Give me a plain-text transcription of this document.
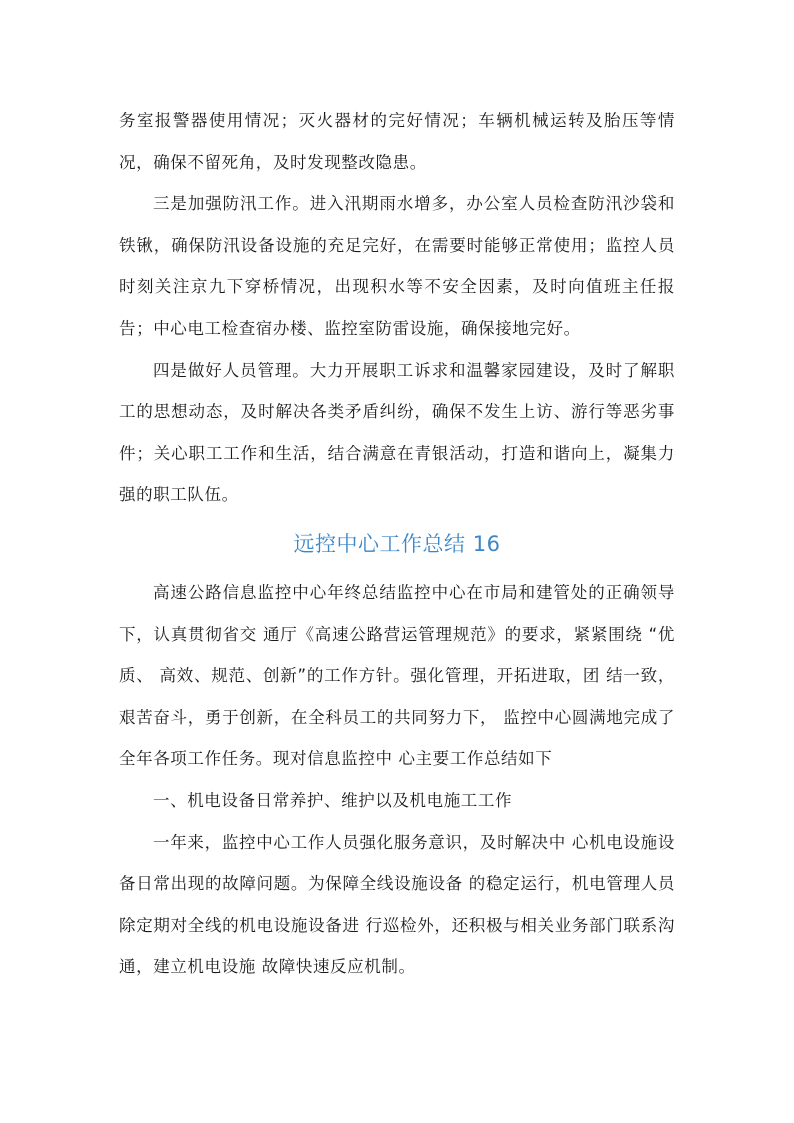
务室报警器使用情况；灭火器材的完好情况；车辆机械运转及胎压等情况，确保不留死角，及时发现整改隐患。

三是加强防汛工作。进入汛期雨水增多，办公室人员检查防汛沙袋和铁锹，确保防汛设备设施的充足完好，在需要时能够正常使用；监控人员时刻关注京九下穿桥情况，出现积水等不安全因素，及时向值班主任报告；中心电工检查宿办楼、监控室防雷设施，确保接地完好。

四是做好人员管理。大力开展职工诉求和温馨家园建设，及时了解职工的思想动态，及时解决各类矛盾纠纷，确保不发生上访、游行等恶劣事件；关心职工工作和生活，结合满意在青银活动，打造和谐向上，凝集力强的职工队伍。

远控中心工作总结 16

高速公路信息监控中心年终总结监控中心在市局和建管处的正确领导下，认真贯彻省交 通厅《高速公路营运管理规范》的要求，紧紧围绕 “优质、 高效、规范、创新”的工作方针。强化管理，开拓进取，团 结一致，艰苦奋斗，勇于创新，在全科员工的共同努力下， 监控中心圆满地完成了全年各项工作任务。现对信息监控中 心主要工作总结如下

一、机电设备日常养护、维护以及机电施工工作

一年来，监控中心工作人员强化服务意识，及时解决中 心机电设施设备日常出现的故障问题。为保障全线设施设备 的稳定运行，机电管理人员除定期对全线的机电设施设备进 行巡检外，还积极与相关业务部门联系沟通，建立机电设施 故障快速反应机制。
